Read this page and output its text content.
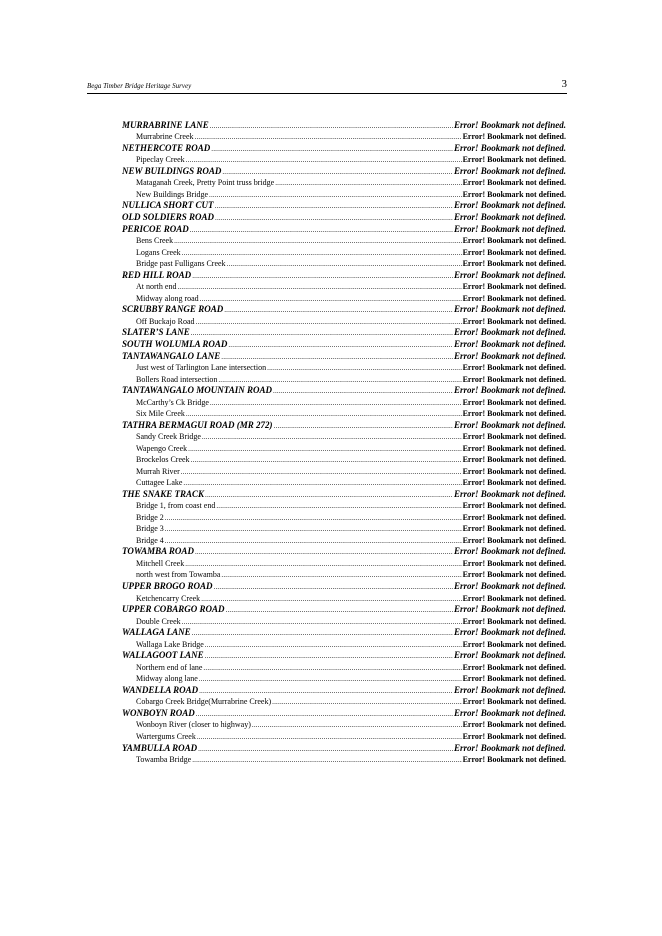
Bega Timber Bridge Heritage Survey	3
MURRABRINE LANE .....	Error! Bookmark not defined.
Murrabrine Creek .....	Error! Bookmark not defined.
NETHERCOTE ROAD .....	Error! Bookmark not defined.
Pipeclay Creek .....	Error! Bookmark not defined.
NEW BUILDINGS ROAD .....	Error! Bookmark not defined.
Mataganah Creek, Pretty Point truss bridge .....	Error! Bookmark not defined.
New Buildings Bridge .....	Error! Bookmark not defined.
NULLICA SHORT CUT .....	Error! Bookmark not defined.
OLD SOLDIERS ROAD .....	Error! Bookmark not defined.
PERICOE ROAD .....	Error! Bookmark not defined.
Bens Creek .....	Error! Bookmark not defined.
Logans Creek .....	Error! Bookmark not defined.
Bridge past Fulligans Creek .....	Error! Bookmark not defined.
RED HILL ROAD .....	Error! Bookmark not defined.
At north end .....	Error! Bookmark not defined.
Midway along road .....	Error! Bookmark not defined.
SCRUBBY RANGE ROAD .....	Error! Bookmark not defined.
Off Buckajo Road .....	Error! Bookmark not defined.
SLATER’S LANE .....	Error! Bookmark not defined.
SOUTH WOLUMLA ROAD .....	Error! Bookmark not defined.
TANTAWANGALO LANE .....	Error! Bookmark not defined.
Just west of Tarlington Lane intersection .....	Error! Bookmark not defined.
Bollers Road intersection .....	Error! Bookmark not defined.
TANTAWANGALO MOUNTAIN ROAD .....	Error! Bookmark not defined.
McCarthy’s Ck Bridge .....	Error! Bookmark not defined.
Six Mile Creek .....	Error! Bookmark not defined.
TATHRA BERMAGUI ROAD (MR 272) .....	Error! Bookmark not defined.
Sandy Creek Bridge .....	Error! Bookmark not defined.
Wapengo Creek .....	Error! Bookmark not defined.
Brockelos Creek .....	Error! Bookmark not defined.
Murrah River .....	Error! Bookmark not defined.
Cuttagee Lake .....	Error! Bookmark not defined.
THE SNAKE TRACK .....	Error! Bookmark not defined.
Bridge 1, from coast end .....	Error! Bookmark not defined.
Bridge 2 .....	Error! Bookmark not defined.
Bridge 3 .....	Error! Bookmark not defined.
Bridge 4 .....	Error! Bookmark not defined.
TOWAMBA ROAD .....	Error! Bookmark not defined.
Mitchell Creek .....	Error! Bookmark not defined.
north west from Towamba .....	Error! Bookmark not defined.
UPPER BROGO ROAD .....	Error! Bookmark not defined.
Ketchencarry Creek .....	Error! Bookmark not defined.
UPPER COBARGO ROAD .....	Error! Bookmark not defined.
Double Creek .....	Error! Bookmark not defined.
WALLAGA LANE .....	Error! Bookmark not defined.
Wallaga Lake Bridge .....	Error! Bookmark not defined.
WALLAGOOT LANE .....	Error! Bookmark not defined.
Northern end of lane .....	Error! Bookmark not defined.
Midway along lane .....	Error! Bookmark not defined.
WANDELLA ROAD .....	Error! Bookmark not defined.
Cobargo Creek Bridge(Murrabrine Creek) .....	Error! Bookmark not defined.
WONBOYN ROAD .....	Error! Bookmark not defined.
Wonboyn River (closer to highway) .....	Error! Bookmark not defined.
Wartergums Creek .....	Error! Bookmark not defined.
YAMBULLA ROAD .....	Error! Bookmark not defined.
Towamba Bridge .....	Error! Bookmark not defined.
